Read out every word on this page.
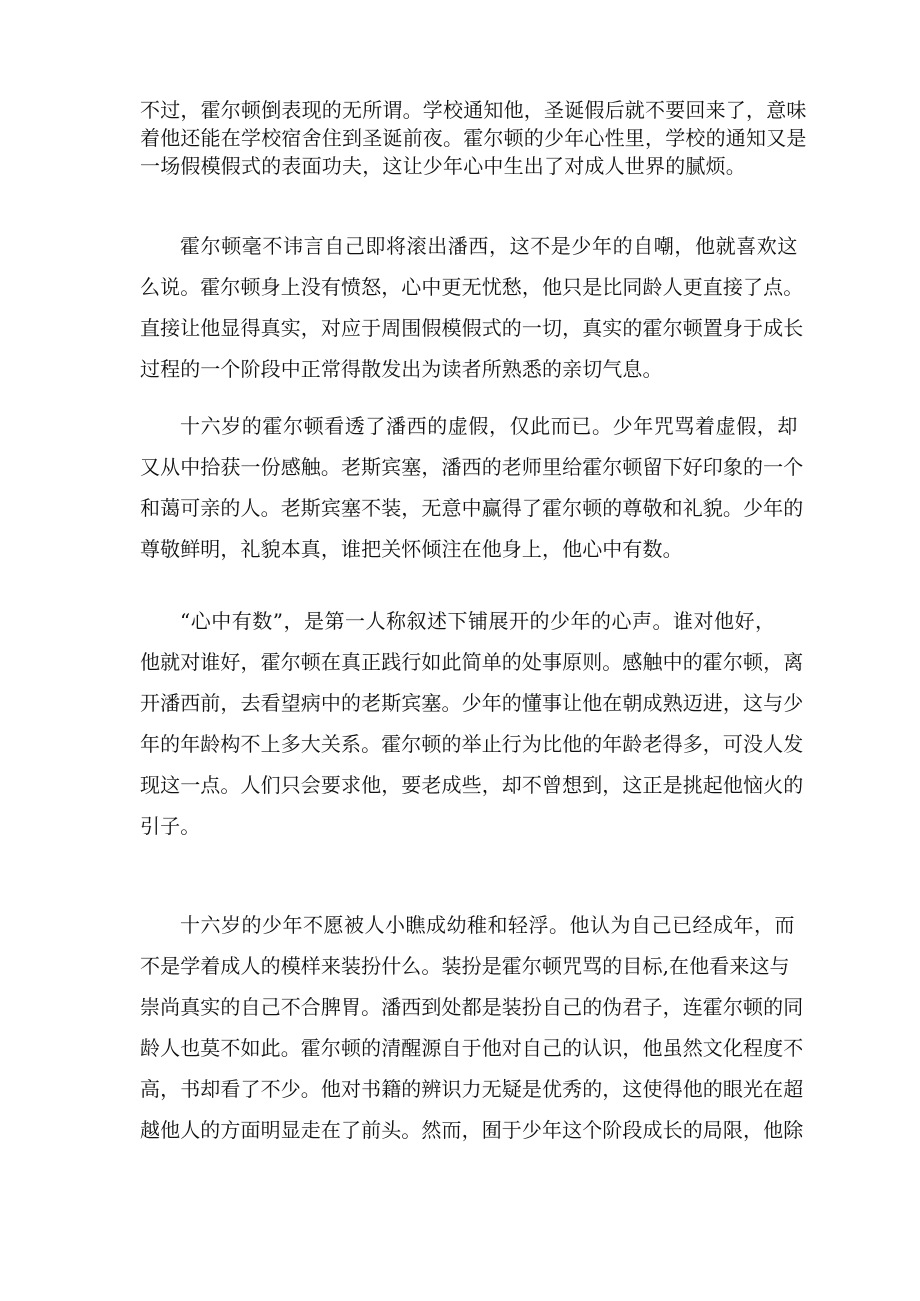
不过，霍尔顿倒表现的无所谓。学校通知他，圣诞假后就不要回来了，意味
着他还能在学校宿舍住到圣诞前夜。霍尔顿的少年心性里，学校的通知又是
一场假模假式的表面功夫，这让少年心中生出了对成人世界的腻烦。
霍尔顿毫不讳言自己即将滚出潘西，这不是少年的自嘲，他就喜欢这
么说。霍尔顿身上没有愤怒，心中更无忧愁，他只是比同龄人更直接了点。
直接让他显得真实，对应于周围假模假式的一切，真实的霍尔顿置身于成长
过程的一个阶段中正常得散发出为读者所熟悉的亲切气息。
十六岁的霍尔顿看透了潘西的虚假，仅此而已。少年咒骂着虚假，却
又从中拾获一份感触。老斯宾塞，潘西的老师里给霍尔顿留下好印象的一个
和蔼可亲的人。老斯宾塞不装，无意中赢得了霍尔顿的尊敬和礼貌。少年的
尊敬鲜明，礼貌本真，谁把关怀倾注在他身上，他心中有数。
“心中有数”，是第一人称叙述下铺展开的少年的心声。谁对他好，
他就对谁好，霍尔顿在真正践行如此简单的处事原则。感触中的霍尔顿，离
开潘西前，去看望病中的老斯宾塞。少年的懂事让他在朝成熟迈进，这与少
年的年龄构不上多大关系。霍尔顿的举止行为比他的年龄老得多，可没人发
现这一点。人们只会要求他，要老成些，却不曾想到，这正是挑起他恼火的
引子。
十六岁的少年不愿被人小瞧成幼稚和轻浮。他认为自己已经成年，而
不是学着成人的模样来装扮什么。装扮是霍尔顿咒骂的目标,在他看来这与
崇尚真实的自己不合脾胃。潘西到处都是装扮自己的伪君子，连霍尔顿的同
龄人也莫不如此。霍尔顿的清醒源自于他对自己的认识，他虽然文化程度不
高，书却看了不少。他对书籍的辨识力无疑是优秀的，这使得他的眼光在超
越他人的方面明显走在了前头。然而，囿于少年这个阶段成长的局限，他除
